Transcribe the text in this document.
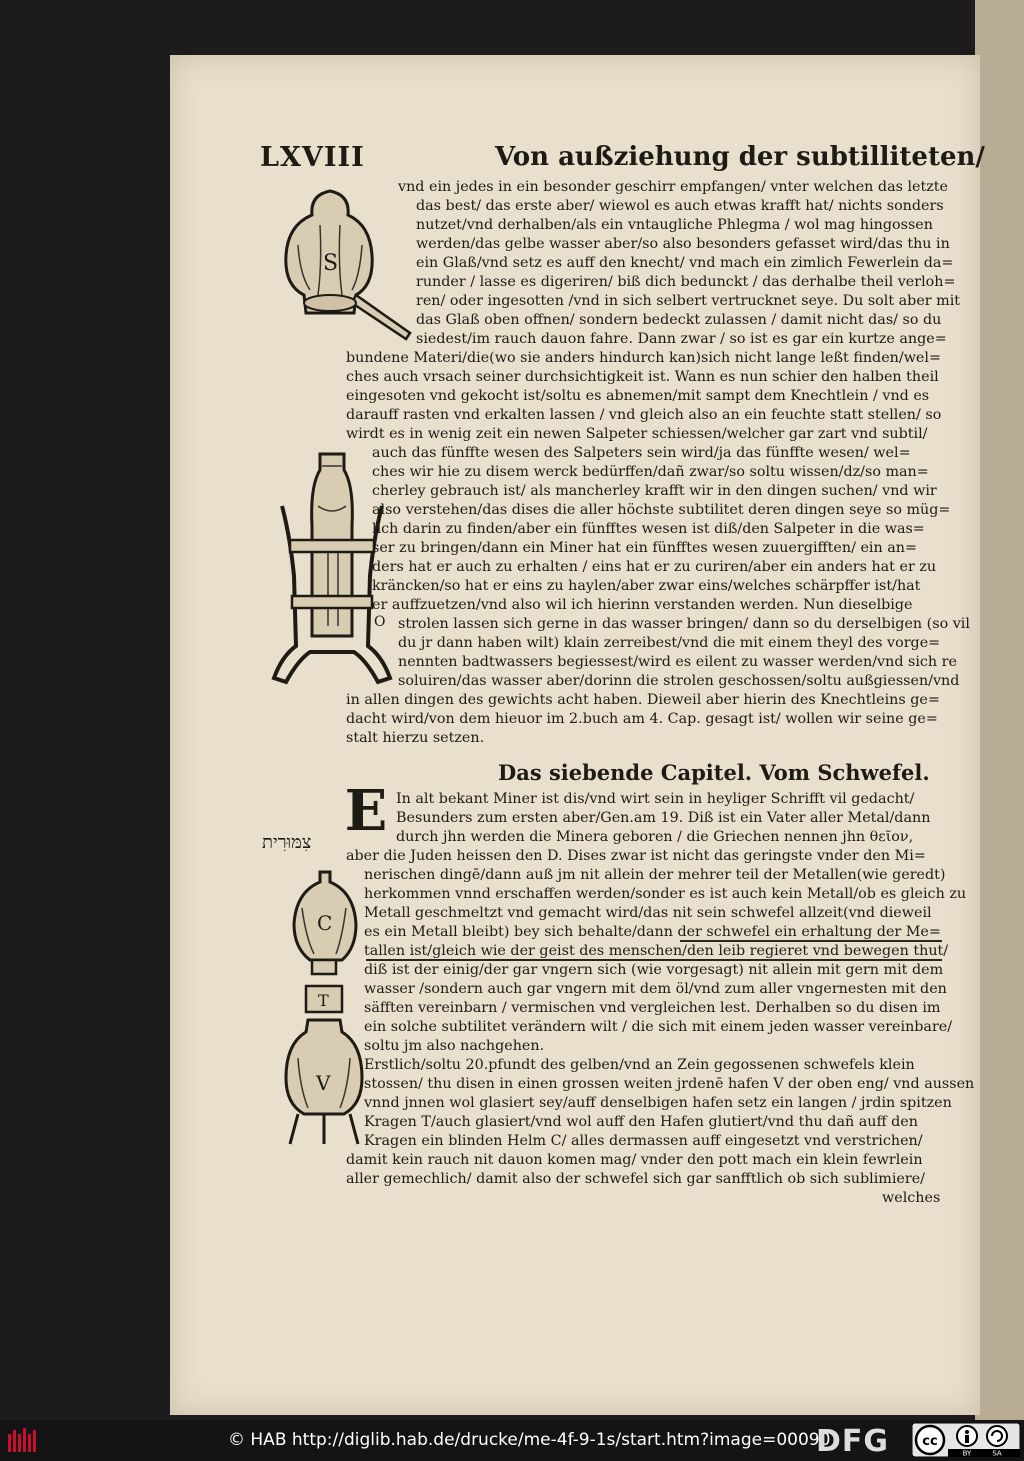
LXVIII	Von außziehung der subtilliteten/
S
O
vnd ein jedes in ein besonder geschirr empfangen/ vnter welchen das letzte
das best/ das erste aber/ wiewol es auch etwas krafft hat/ nichts sonders
nutzet/vnd derhalben/als ein vntaugliche Phlegma / wol mag hingossen
werden/das gelbe wasser aber/so also besonders gefasset wird/das thu in
ein Glaß/vnd setz es auff den knecht/ vnd mach ein zimlich Fewerlein da=
runder / lasse es digeriren/ biß dich bedunckt / das derhalbe theil verloh=
ren/ oder ingesotten /vnd in sich selbert vertrucknet seye. Du solt aber mit
das Glaß oben offnen/ sondern bedeckt zulassen / damit nicht das/ so du
siedest/im rauch dauon fahre. Dann zwar / so ist es gar ein kurtze ange=
bundene Materi/die(wo sie anders hindurch kan)sich nicht lange leßt finden/wel=
ches auch vrsach seiner durchsichtigkeit ist. Wann es nun schier den halben theil
eingesoten vnd gekocht ist/soltu es abnemen/mit sampt dem Knechtlein / vnd es
darauff rasten vnd erkalten lassen / vnd gleich also an ein feuchte statt stellen/ so
wirdt es in wenig zeit ein newen Salpeter schiessen/welcher gar zart vnd subtil/
auch das fünffte wesen des Salpeters sein wird/ja das fünffte wesen/ wel=
ches wir hie zu disem werck bedürffen/dañ zwar/so soltu wissen/dz/so man=
cherley gebrauch ist/ als mancherley krafft wir in den dingen suchen/ vnd wir
also verstehen/das dises die aller höchste subtilitet deren dingen seye so müg=
lich darin zu finden/aber ein fünfftes wesen ist diß/den Salpeter in die was=
ser zu bringen/dann ein Miner hat ein fünfftes wesen zuuergifften/ ein an=
ders hat er auch zu erhalten / eins hat er zu curiren/aber ein anders hat er zu
kräncken/so hat er eins zu haylen/aber zwar eins/welches schärpffer ist/hat
er auffzuetzen/vnd also wil ich hierinn verstanden werden. Nun dieselbige
strolen lassen sich gerne in das wasser bringen/ dann so du derselbigen (so vil
du jr dann haben wilt) klain zerreibest/vnd die mit einem theyl des vorge=
nennten badtwassers begiessest/wird es eilent zu wasser werden/vnd sich re
soluiren/das wasser aber/dorinn die strolen geschossen/soltu außgiessen/vnd
in allen dingen des gewichts acht haben. Dieweil aber hierin des Knechtleins ge=
dacht wird/von dem hieuor im 2.buch am 4. Cap. gesagt ist/ wollen wir seine ge=
stalt hierzu setzen.
Das siebende Capitel. Vom Schwefel.
E
צִמּוּרִית
In alt bekant Miner ist dis/vnd wirt sein in heyliger Schrifft vil gedacht/
Besunders zum ersten aber/Gen.am 19. Diß ist ein Vater aller Metal/dann
durch jhn werden die Minera geboren / die Griechen nennen jhn θεῖον,
aber die Juden heissen den D. Dises zwar ist nicht das geringste vnder den Mi=
nerischen dingē/dann auß jm nit allein der mehrer teil der Metallen(wie geredt)
herkommen vnnd erschaffen werden/sonder es ist auch kein Metall/ob es gleich zu
Metall geschmeltzt vnd gemacht wird/das nit sein schwefel allzeit(vnd dieweil
es ein Metall bleibt) bey sich behalte/dann der schwefel ein erhaltung der Me=
tallen ist/gleich wie der geist des menschen/den leib regieret vnd bewegen thut/
diß ist der einig/der gar vngern sich (wie vorgesagt) nit allein mit gern mit dem
wasser /sondern auch gar vngern mit dem öl/vnd zum aller vngernesten mit den
säfften vereinbarn / vermischen vnd vergleichen lest. Derhalben so du disen im
ein solche subtilitet verändern wilt / die sich mit einem jeden wasser vereinbare/
soltu jm also nachgehen.
Erstlich/soltu 20.pfundt des gelben/vnd an Zein gegossenen schwefels klein
stossen/ thu disen in einen grossen weiten jrdenē hafen V der oben eng/ vnd aussen
vnnd jnnen wol glasiert sey/auff denselbigen hafen setz ein langen / jrdin spitzen
Kragen T/auch glasiert/vnd wol auff den Hafen glutiert/vnd thu dañ auff den
Kragen ein blinden Helm C/ alles dermassen auff eingesetzt vnd verstrichen/
damit kein rauch nit dauon komen mag/ vnder den pott mach ein klein fewrlein
aller gemechlich/ damit also der schwefel sich gar sanfftlich ob sich sublimiere/
welches
C
T
V
© HAB http://diglib.hab.de/drucke/me-4f-9-1s/start.htm?image=00090
DFG	cc
BY	SA
